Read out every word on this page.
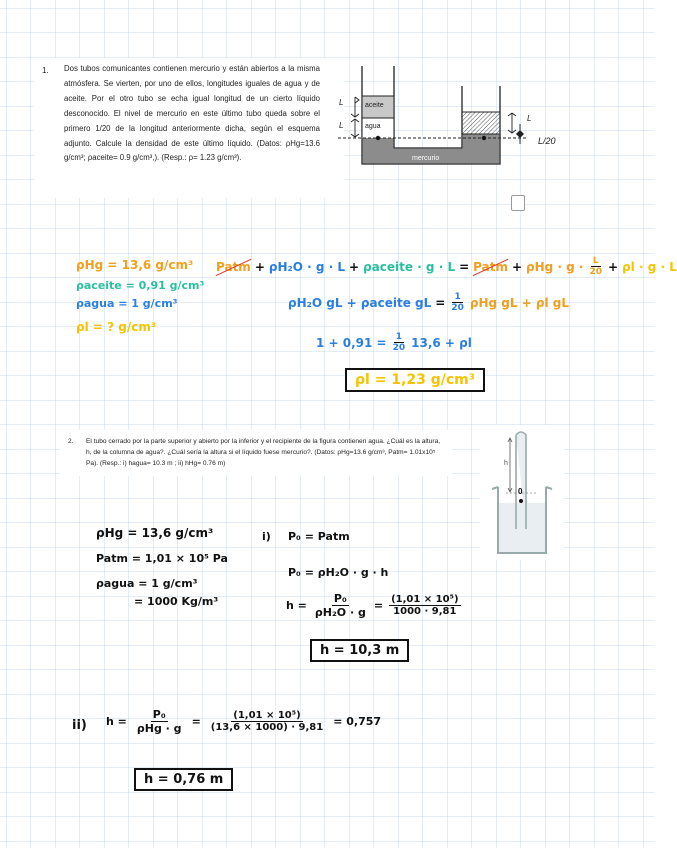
1. Dos tubos comunicantes contienen mercurio y están abiertos a la misma atmósfera. Se vierten, por uno de ellos, longitudes iguales de agua y de aceite. Por el otro tubo se echa igual longitud de un cierto líquido desconocido. El nivel de mercurio en este último tubo queda sobre el primero 1/20 de la longitud anteriormente dicha, según el esquema adjunto. Calcule la densidad de este último líquido. (Datos: ρHg=13.6 g/cm³; ρaceite= 0.9 g/cm³,). (Resp.: ρ= 1.23 g/cm³).
aceite
agua
mercurio
L
L
L
L/20
ρHg = 13,6 g/cm³
ρaceite = 0,91 g/cm³
ρagua = 1 g/cm³
ρl = ? g/cm³
Patm + ρH₂O · g · L + ρaceite · g · L = Patm + $\rho Hg \cdot g \cdot \frac{L}{20} + \rho l \cdot g \cdot L$
ρH₂O gL + ρaceite gL = $\frac{1}{20}$ ρHg gL + ρl gL
$1 + 0,91 = \frac{1}{20} 13,6 + \rho l$
ρl = 1,23 g/cm³
2. El tubo cerrado por la parte superior y abierto por la inferior y el recipiente de la figura contienen agua. ¿Cuál es la altura, h, de la columna de agua?. ¿Cuál sería la altura si el líquido fuese mercurio?. (Datos: ρHg=13.6 g/cm³, Patm= 1.01x10⁵ Pa). (Resp.: i) hagua= 10.3 m ; ii) hHg= 0.76 m)	h
0
ρHg = 13,6 g/cm³
Patm = 1,01 × 10⁵ Pa
ρagua = 1 g/cm³
= 1000 Kg/m³
i) P₀ = Patm
P₀ = ρH₂O · g · h
$h = \frac{\text{P₀}}{\text{ρH₂O · g}} = \frac{\text{(1,01 × 10⁵)}}{1000 \cdot 9,81}$
h = 10,3 m
ii) $h = \frac{\text{P₀}}{\text{ρHg · g}} = \frac{\text{(1,01 × 10⁵)}}{(13,6 \times 1000) \cdot 9,81} = 0,757$
h = 0,76 m
